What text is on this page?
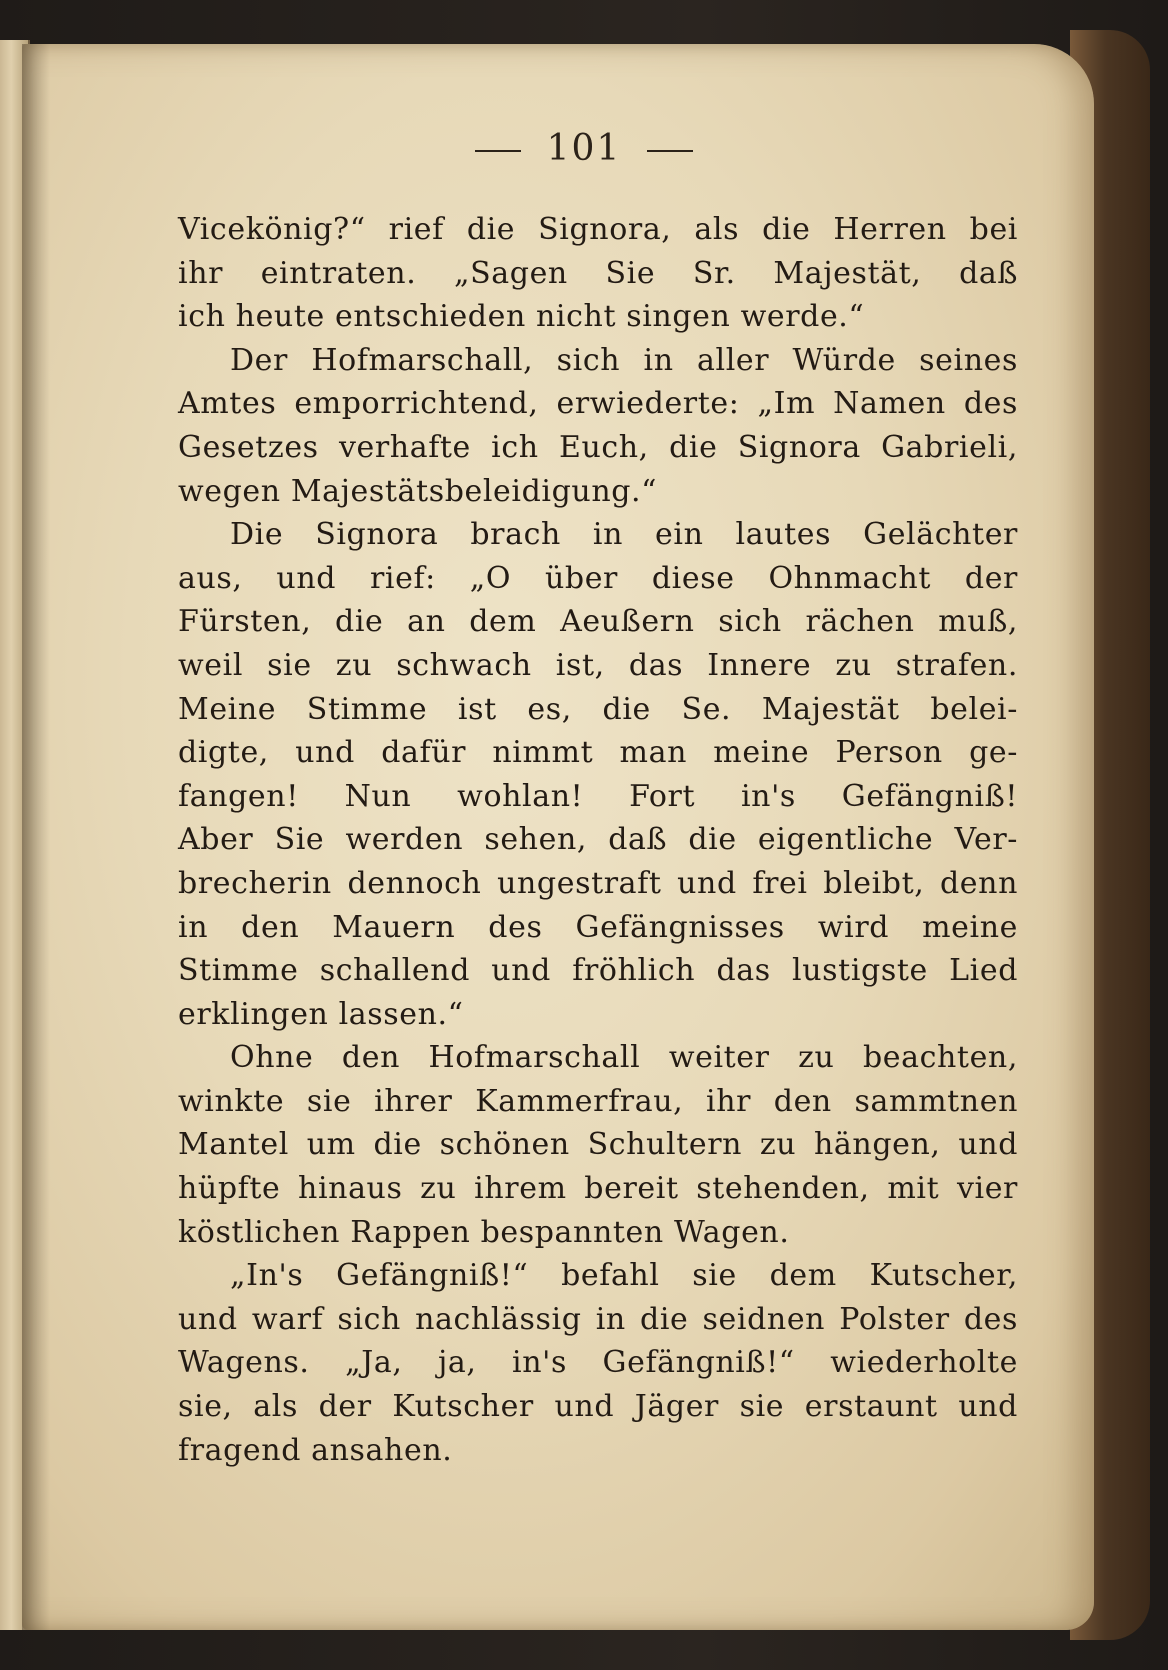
101
Vicekönig?“ rief die Signora, als die Herren bei
ihr eintraten. „Sagen Sie Sr. Majestät, daß
ich heute entschieden nicht singen werde.“
Der Hofmarschall, sich in aller Würde seines
Amtes emporrichtend, erwiederte: „Im Namen des
Gesetzes verhafte ich Euch, die Signora Gabrieli,
wegen Majestätsbeleidigung.“
Die Signora brach in ein lautes Gelächter
aus, und rief: „O über diese Ohnmacht der
Fürsten, die an dem Aeußern sich rächen muß,
weil sie zu schwach ist, das Innere zu strafen.
Meine Stimme ist es, die Se. Majestät belei-
digte, und dafür nimmt man meine Person ge-
fangen! Nun wohlan! Fort in's Gefängniß!
Aber Sie werden sehen, daß die eigentliche Ver-
brecherin dennoch ungestraft und frei bleibt, denn
in den Mauern des Gefängnisses wird meine
Stimme schallend und fröhlich das lustigste Lied
erklingen lassen.“
Ohne den Hofmarschall weiter zu beachten,
winkte sie ihrer Kammerfrau, ihr den sammtnen
Mantel um die schönen Schultern zu hängen, und
hüpfte hinaus zu ihrem bereit stehenden, mit vier
köstlichen Rappen bespannten Wagen.
„In's Gefängniß!“ befahl sie dem Kutscher,
und warf sich nachlässig in die seidnen Polster des
Wagens. „Ja, ja, in's Gefängniß!“ wiederholte
sie, als der Kutscher und Jäger sie erstaunt und
fragend ansahen.
